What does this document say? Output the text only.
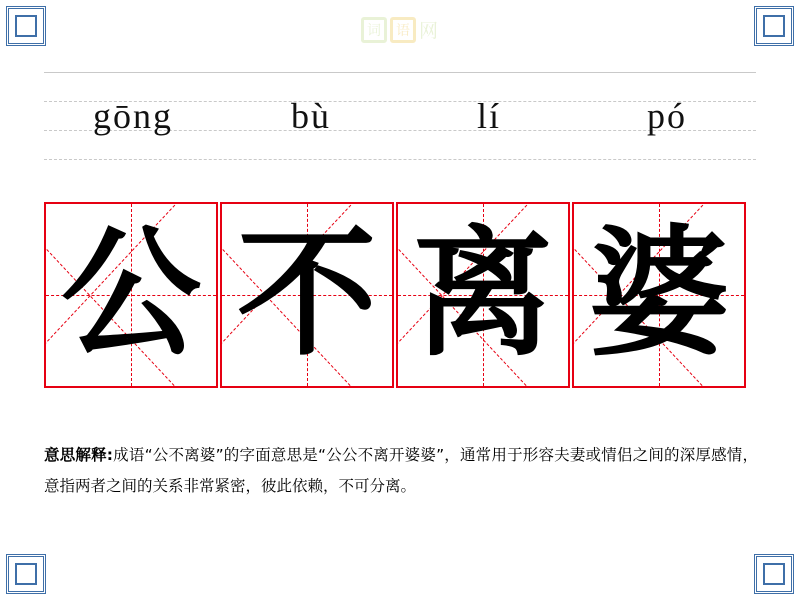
词	语 网
gōng	bù	lí	pó
公 不 离 婆
意思解释:成语“公不离婆”的字面意思是“公公不离开婆婆”，通常用于形容夫妻或情侣之间的深厚感情，意指两者之间的关系非常紧密，彼此依赖，不可分离。
